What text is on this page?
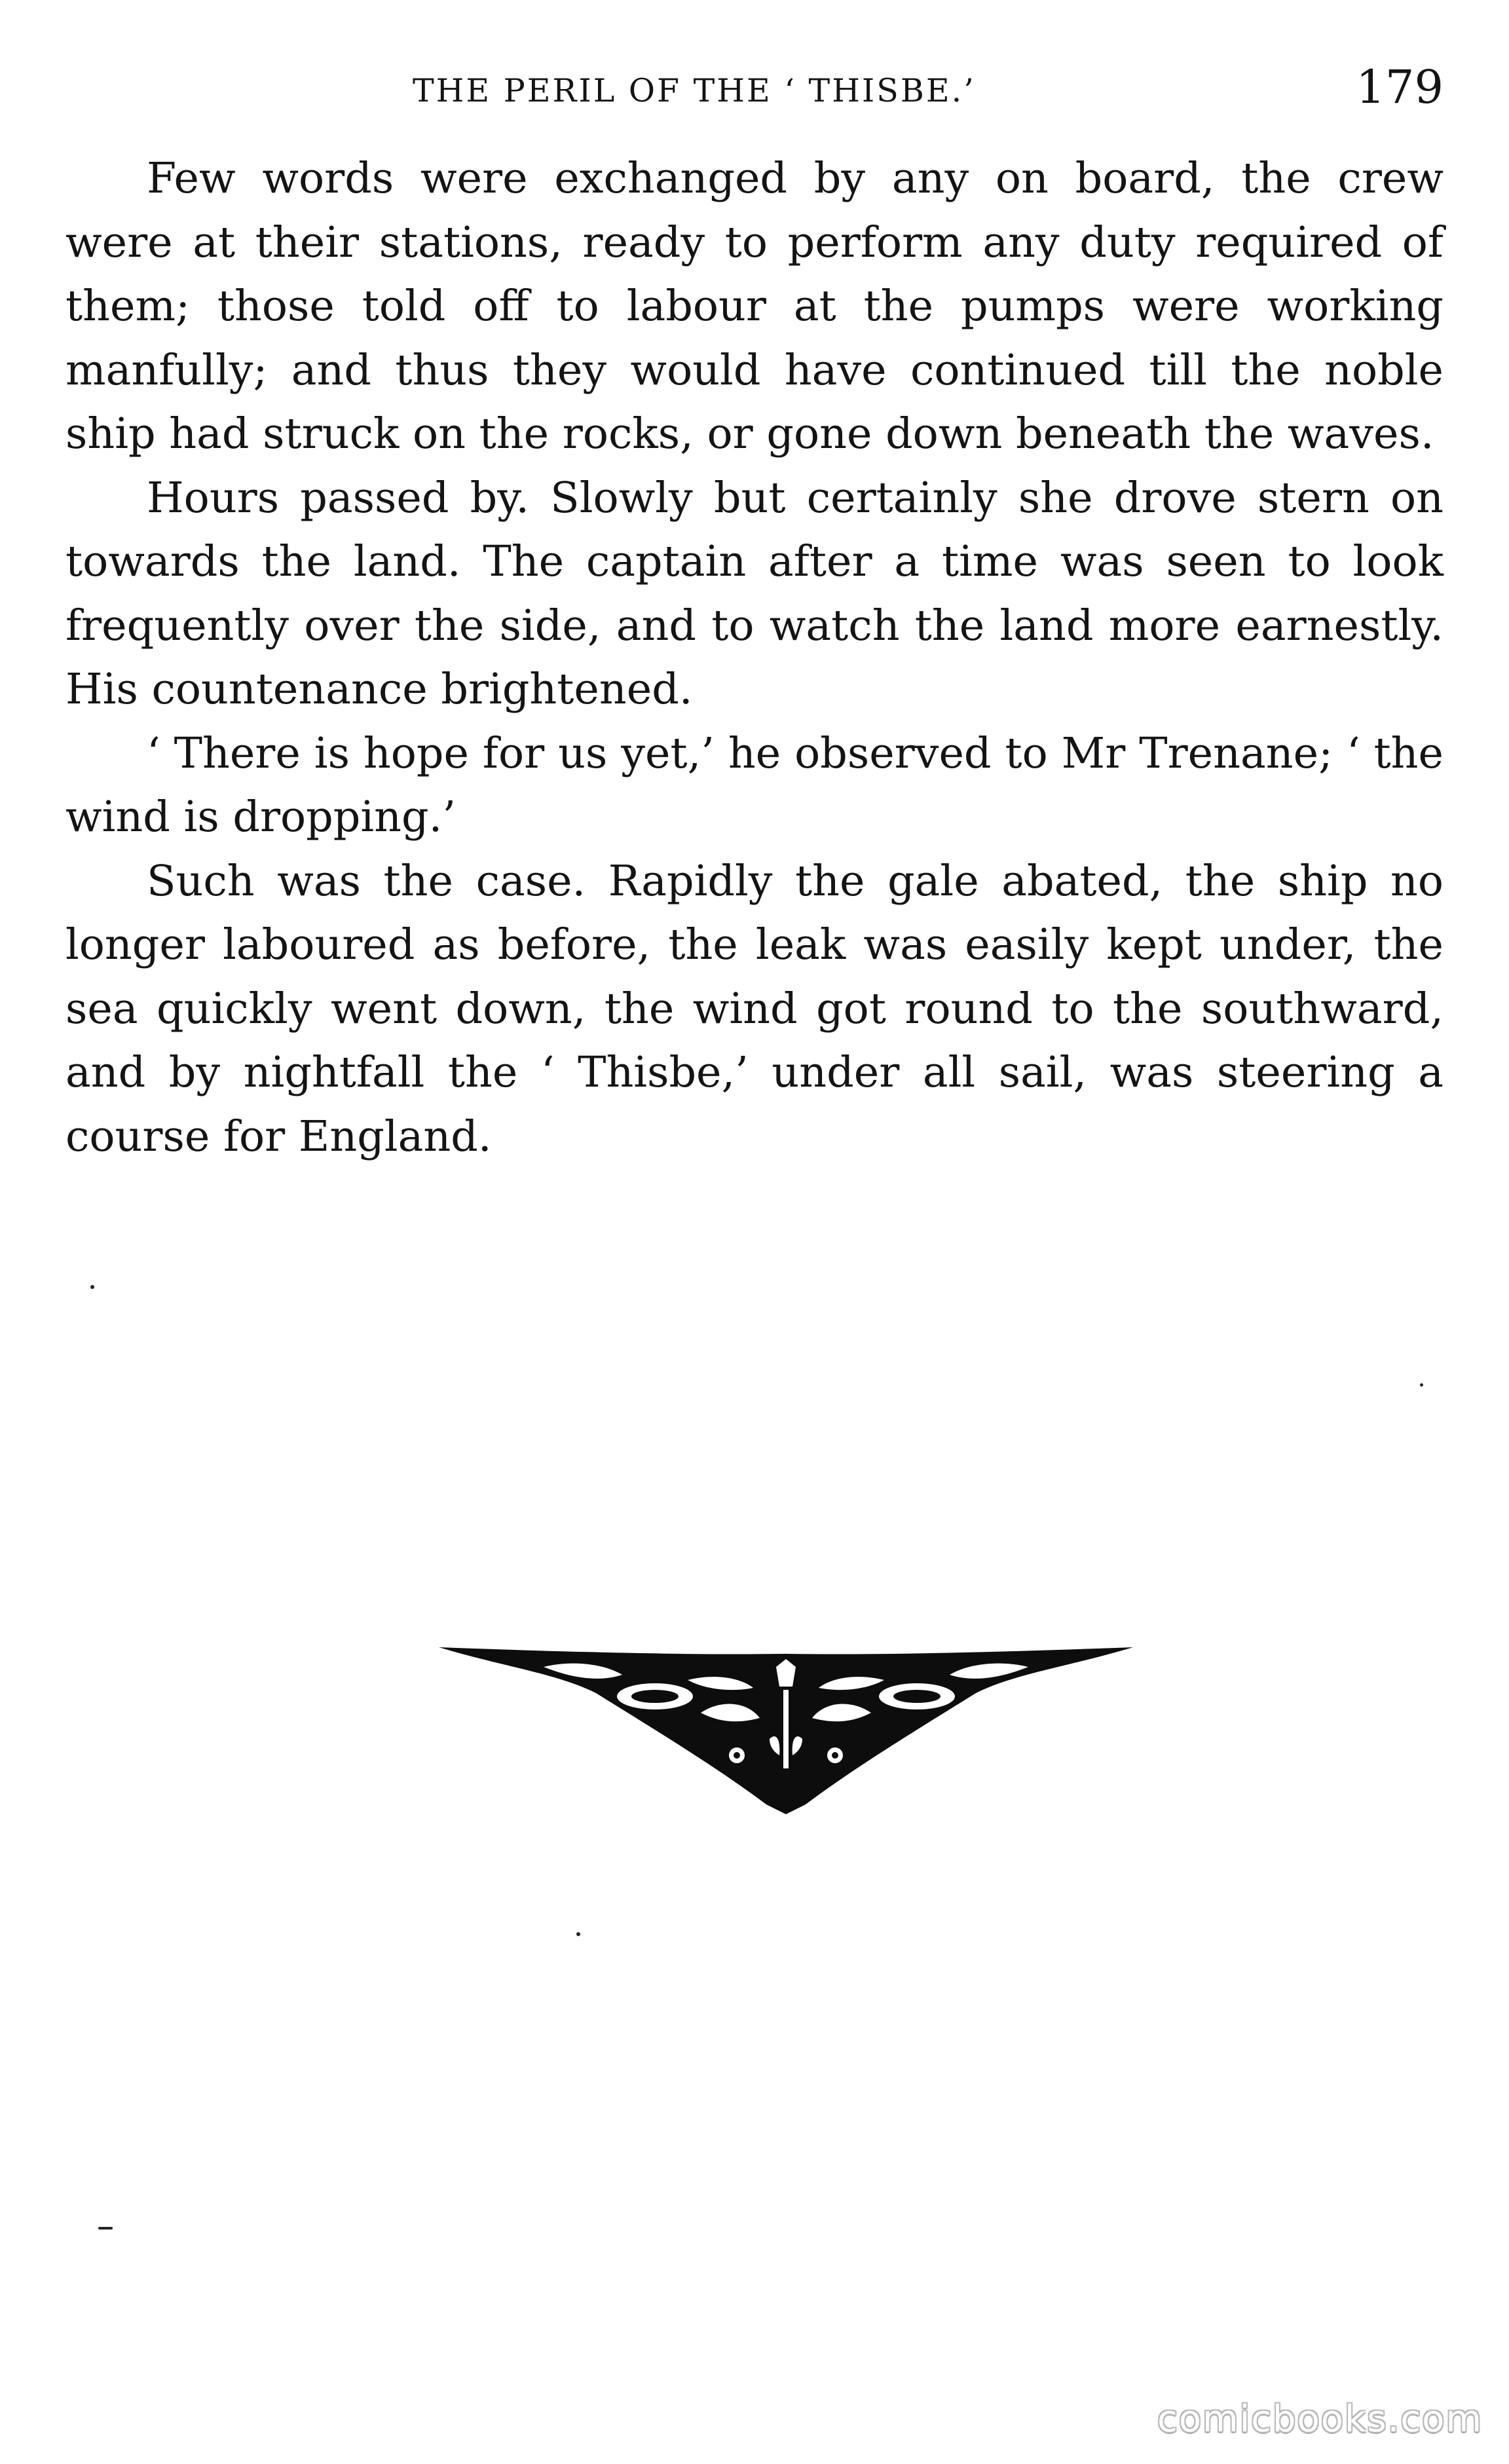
THE PERIL OF THE ‘ THISBE.’	179

Few words were exchanged by any on board, the crew were at their stations, ready to perform any duty required of them; those told off to labour at the pumps were working manfully; and thus they would have continued till the noble ship had struck on the rocks, or gone down beneath the waves.

Hours passed by. Slowly but certainly she drove stern on towards the land. The captain after a time was seen to look frequently over the side, and to watch the land more earnestly. His countenance brightened.

‘ There is hope for us yet,’ he observed to Mr Trenane; ‘ the wind is dropping.’

Such was the case. Rapidly the gale abated, the ship no longer laboured as before, the leak was easily kept under, the sea quickly went down, the wind got round to the southward, and by nightfall the ‘ Thisbe,’ under all sail, was steering a course for England.

comicbooks.com
